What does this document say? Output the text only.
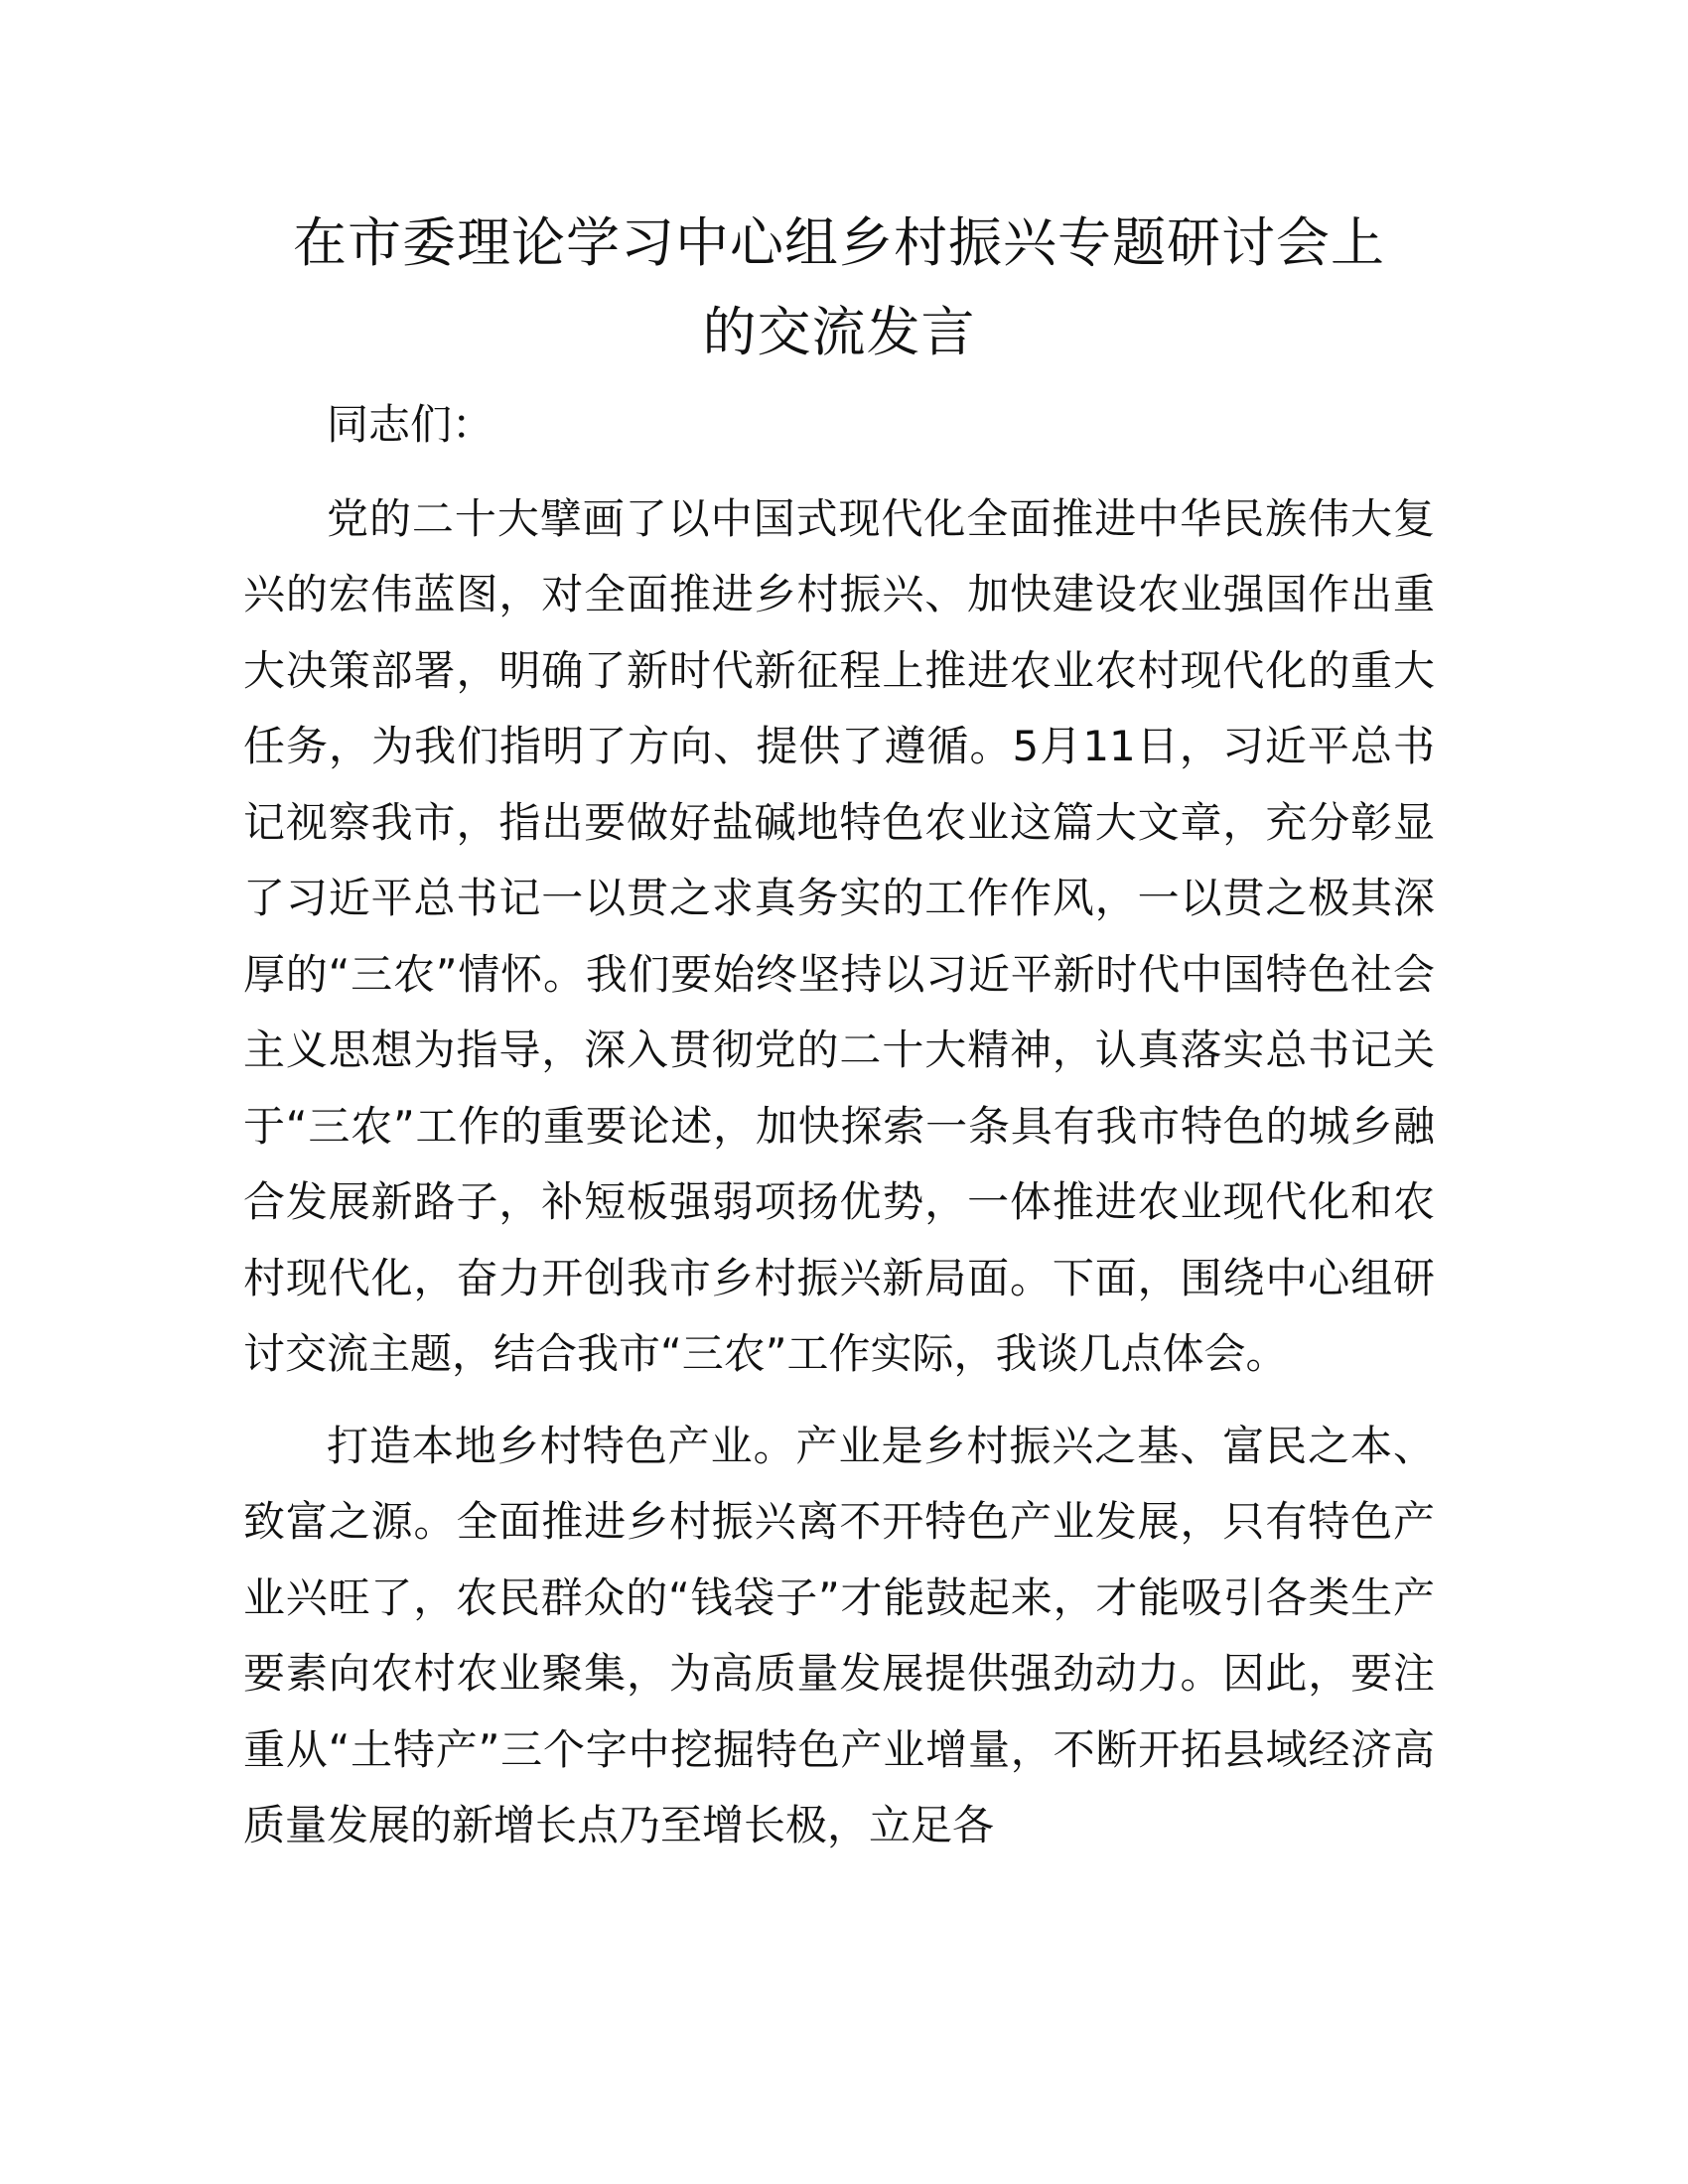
在市委理论学习中心组乡村振兴专题研讨会上
的交流发言

同志们：

党的二十大擘画了以中国式现代化全面推进中华民族伟大复兴的宏伟蓝图，对全面推进乡村振兴、加快建设农业强国作出重大决策部署，明确了新时代新征程上推进农业农村现代化的重大任务，为我们指明了方向、提供了遵循。5月11日，习近平总书记视察我市，指出要做好盐碱地特色农业这篇大文章，充分彰显了习近平总书记一以贯之求真务实的工作作风，一以贯之极其深厚的“三农”情怀。我们要始终坚持以习近平新时代中国特色社会主义思想为指导，深入贯彻党的二十大精神，认真落实总书记关于“三农”工作的重要论述，加快探索一条具有我市特色的城乡融合发展新路子，补短板强弱项扬优势，一体推进农业现代化和农村现代化，奋力开创我市乡村振兴新局面。下面，围绕中心组研讨交流主题，结合我市“三农”工作实际，我谈几点体会。

打造本地乡村特色产业。产业是乡村振兴之基、富民之本、致富之源。全面推进乡村振兴离不开特色产业发展，只有特色产业兴旺了，农民群众的“钱袋子”才能鼓起来，才能吸引各类生产要素向农村农业聚集，为高质量发展提供强劲动力。因此，要注重从“土特产”三个字中挖掘特色产业增量，不断开拓县域经济高质量发展的新增长点乃至增长极，立足各
